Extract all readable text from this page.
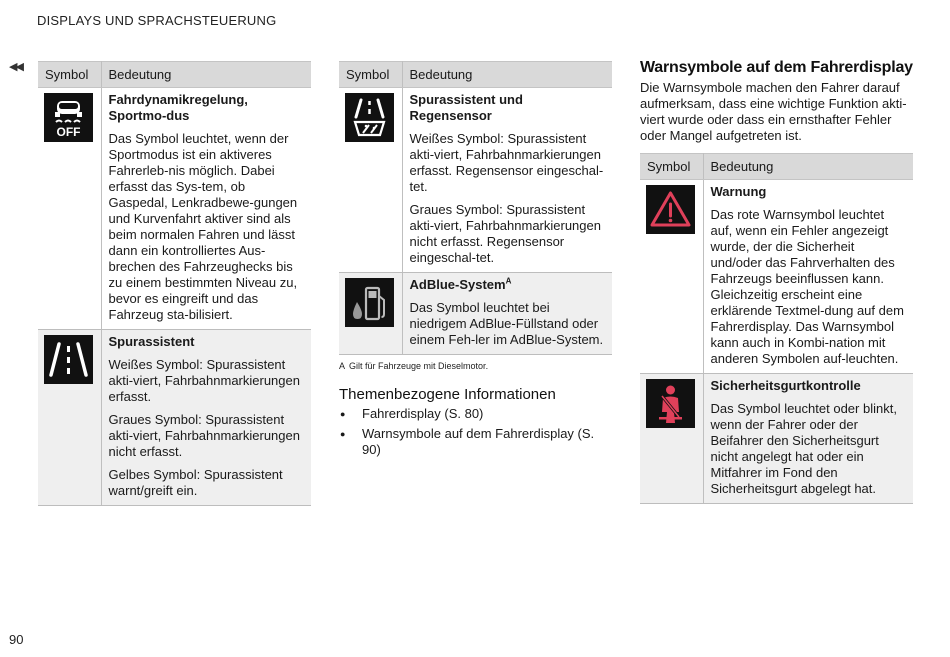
DISPLAYS UND SPRACHSTEUERUNG
◀◀
90
Symbol	Bedeutung

OFF	Fahrdynamikregelung, Sportmo-dus
Das Symbol leuchtet, wenn der Sportmodus ist ein aktiveres Fahrerleb-nis möglich. Dabei erfasst das Sys-tem, ob Gaspedal, Lenkradbewe-gungen und Kurvenfahrt aktiver sind als beim normalen Fahren und lässt dann ein kontrolliertes Aus-brechen des Fahrzeughecks bis zu einem bestimmten Niveau zu, bevor es eingreift und das Fahrzeug sta-bilisiert.

Spurassistent
Weißes Symbol: Spurassistent akti-viert, Fahrbahnmarkierungen erfasst.
Graues Symbol: Spurassistent akti-viert, Fahrbahnmarkierungen nicht erfasst.
Gelbes Symbol: Spurassistent warnt/greift ein.
Symbol	Bedeutung

Spurassistent und Regensensor
Weißes Symbol: Spurassistent akti-viert, Fahrbahnmarkierungen erfasst. Regensensor eingeschal-tet.
Graues Symbol: Spurassistent akti-viert, Fahrbahnmarkierungen nicht erfasst. Regensensor eingeschal-tet.

AdBlue-System$^A$
Das Symbol leuchtet bei niedrigem AdBlue-Füllstand oder einem Feh-ler im AdBlue-System.
A Gilt für Fahrzeuge mit Dieselmotor.
Themenbezogene Informationen
● Fahrerdisplay (S. 80)
● Warnsymbole auf dem Fahrerdisplay (S. 90)
Warnsymbole auf dem Fahrerdisplay
Die Warnsymbole machen den Fahrer darauf aufmerksam, dass eine wichtige Funktion akti-viert wurde oder dass ein ernsthafter Fehler oder Mangel aufgetreten ist.
Symbol	Bedeutung

Warnung
Das rote Warnsymbol leuchtet auf, wenn ein Fehler angezeigt wurde, der die Sicherheit und/oder das Fahrverhalten des Fahrzeugs beeinflussen kann. Gleichzeitig erscheint eine erklärende Textmel-dung auf dem Fahrerdisplay. Das Warnsymbol kann auch in Kombi-nation mit anderen Symbolen auf-leuchten.

Sicherheitsgurtkontrolle
Das Symbol leuchtet oder blinkt, wenn der Fahrer oder der Beifahrer den Sicherheitsgurt nicht angelegt hat oder ein Mitfahrer im Fond den Sicherheitsgurt abgelegt hat.
